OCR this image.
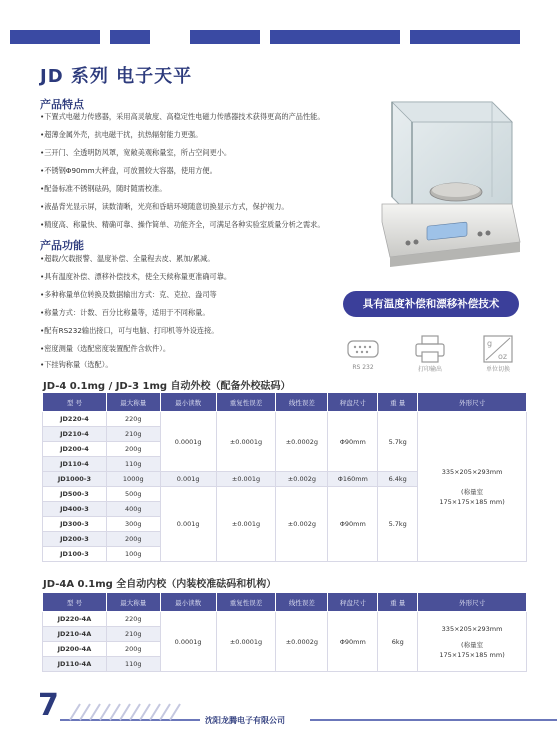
JD 系列 电子天平
产品特点
•下置式电磁力传感器，采用高灵敏度、高稳定性电磁力传感器技术获得更高的产品性能。
•超薄金属外壳，抗电磁干扰，抗热辐射能力更强。
•三开门、全透明防风罩，宽敞美观称量室，所占空间更小。
•不锈钢Φ90mm大秤盘，可放置较大容器，使用方便。
•配备标准不锈钢砝码，随时随需校准。
•液晶背光显示屏，读数清晰，光亮和昏暗环境随意切换显示方式，保护视力。
•精度高、称量快、精确可靠、操作简单、功能齐全，可满足各种实验室质量分析之需求。
产品功能
•超载/欠载报警、温度补偿、全量程去皮、累加/累减。
•具有温度补偿、漂移补偿技术，使全天候称量更准确可靠。
•多种称量单位转换及数据输出方式：克、克拉、盎司等
•称量方式：计数、百分比称量等，适用于不同称量。
•配有RS232输出接口，可与电脑、打印机等外设连接。
•密度测量（选配密度装置配件含软件）。
•下挂钩称量（选配）。
具有温度补偿和漂移补偿技术
RS 232	打印输出
g
oz
单位切换
JD-4 0.1mg / JD-3 1mg 自动外校（配备外校砝码）
型 号	最大称量	最小读数	重复性误差	线性误差	秤盘尺寸	重 量	外形尺寸
JD220-4	220g	0.0001g	±0.0001g	±0.0002g	Φ90mm	5.7kg	335×205×293mm
(称量室
175×175×185 mm)

JD210-4	210g						
JD200-4	200g						
JD110-4	110g						
JD1000-3	1000g	0.001g	±0.001g	±0.002g	Φ160mm	6.4kg	
JD500-3	500g	0.001g	±0.001g	±0.002g	Φ90mm	5.7kg	
JD400-3	400g						
JD300-3	300g						
JD200-3	200g						
JD100-3	100g						
JD-4A 0.1mg 全自动内校（内装校准砝码和机构）
型 号	最大称量	最小读数	重复性误差	线性误差	秤盘尺寸	重 量	外形尺寸
JD220-4A	220g	0.0001g	±0.0001g	±0.0002g	Φ90mm	6kg	335×205×293mm
(称量室
175×175×185 mm)

JD210-4A	210g						
JD200-4A	200g						
JD110-4A	110g						
7	沈阳龙腾电子有限公司
